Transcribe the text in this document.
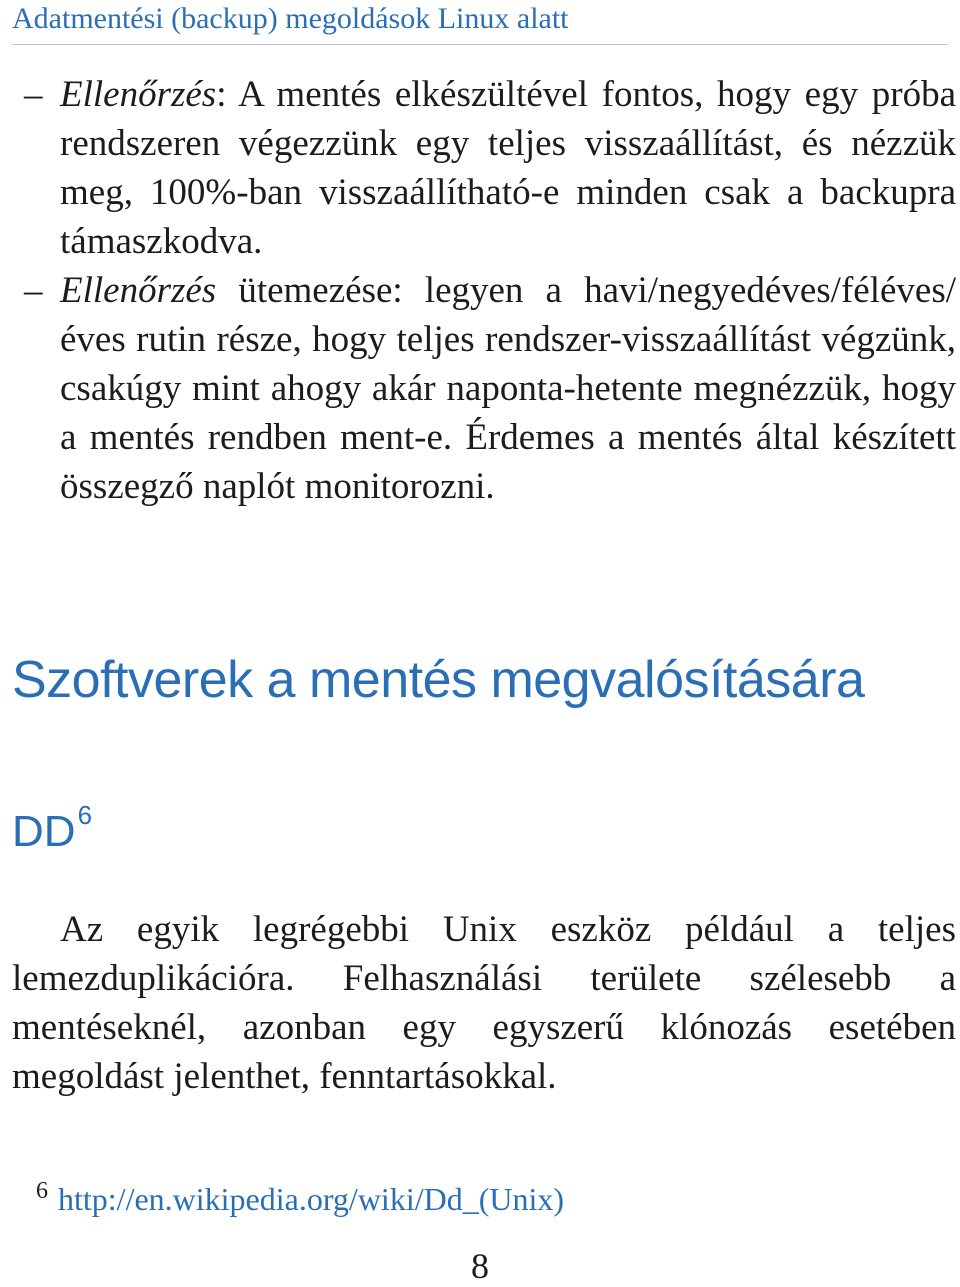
Adatmentési (backup) megoldások Linux alatt
– Ellenőrzés: A mentés elkészültével fontos, hogy egy próba rendszeren végezzünk egy teljes visszaállítást, és nézzük meg, 100%-ban visszaállítható-e minden csak a backupra támaszkodva.
– Ellenőrzés ütemezése: legyen a havi/negyedéves/féléves/éves rutin része, hogy teljes rendszer-visszaállítást végzünk, csakúgy mint ahogy akár naponta-hetente megnézzük, hogy a mentés rendben ment-e. Érdemes a mentés által készített összegző naplót monitorozni.
Szoftverek a mentés megvalósítására
$DD^6$

Az egyik legrégebbi Unix eszköz például a teljes lemezduplikációra. Felhasználási területe szélesebb a mentéseknél, azonban egy egyszerű klónozás esetében megoldást jelenthet, fenntartásokkal.

$^6$ http://en.wikipedia.org/wiki/Dd_(Unix)
8
